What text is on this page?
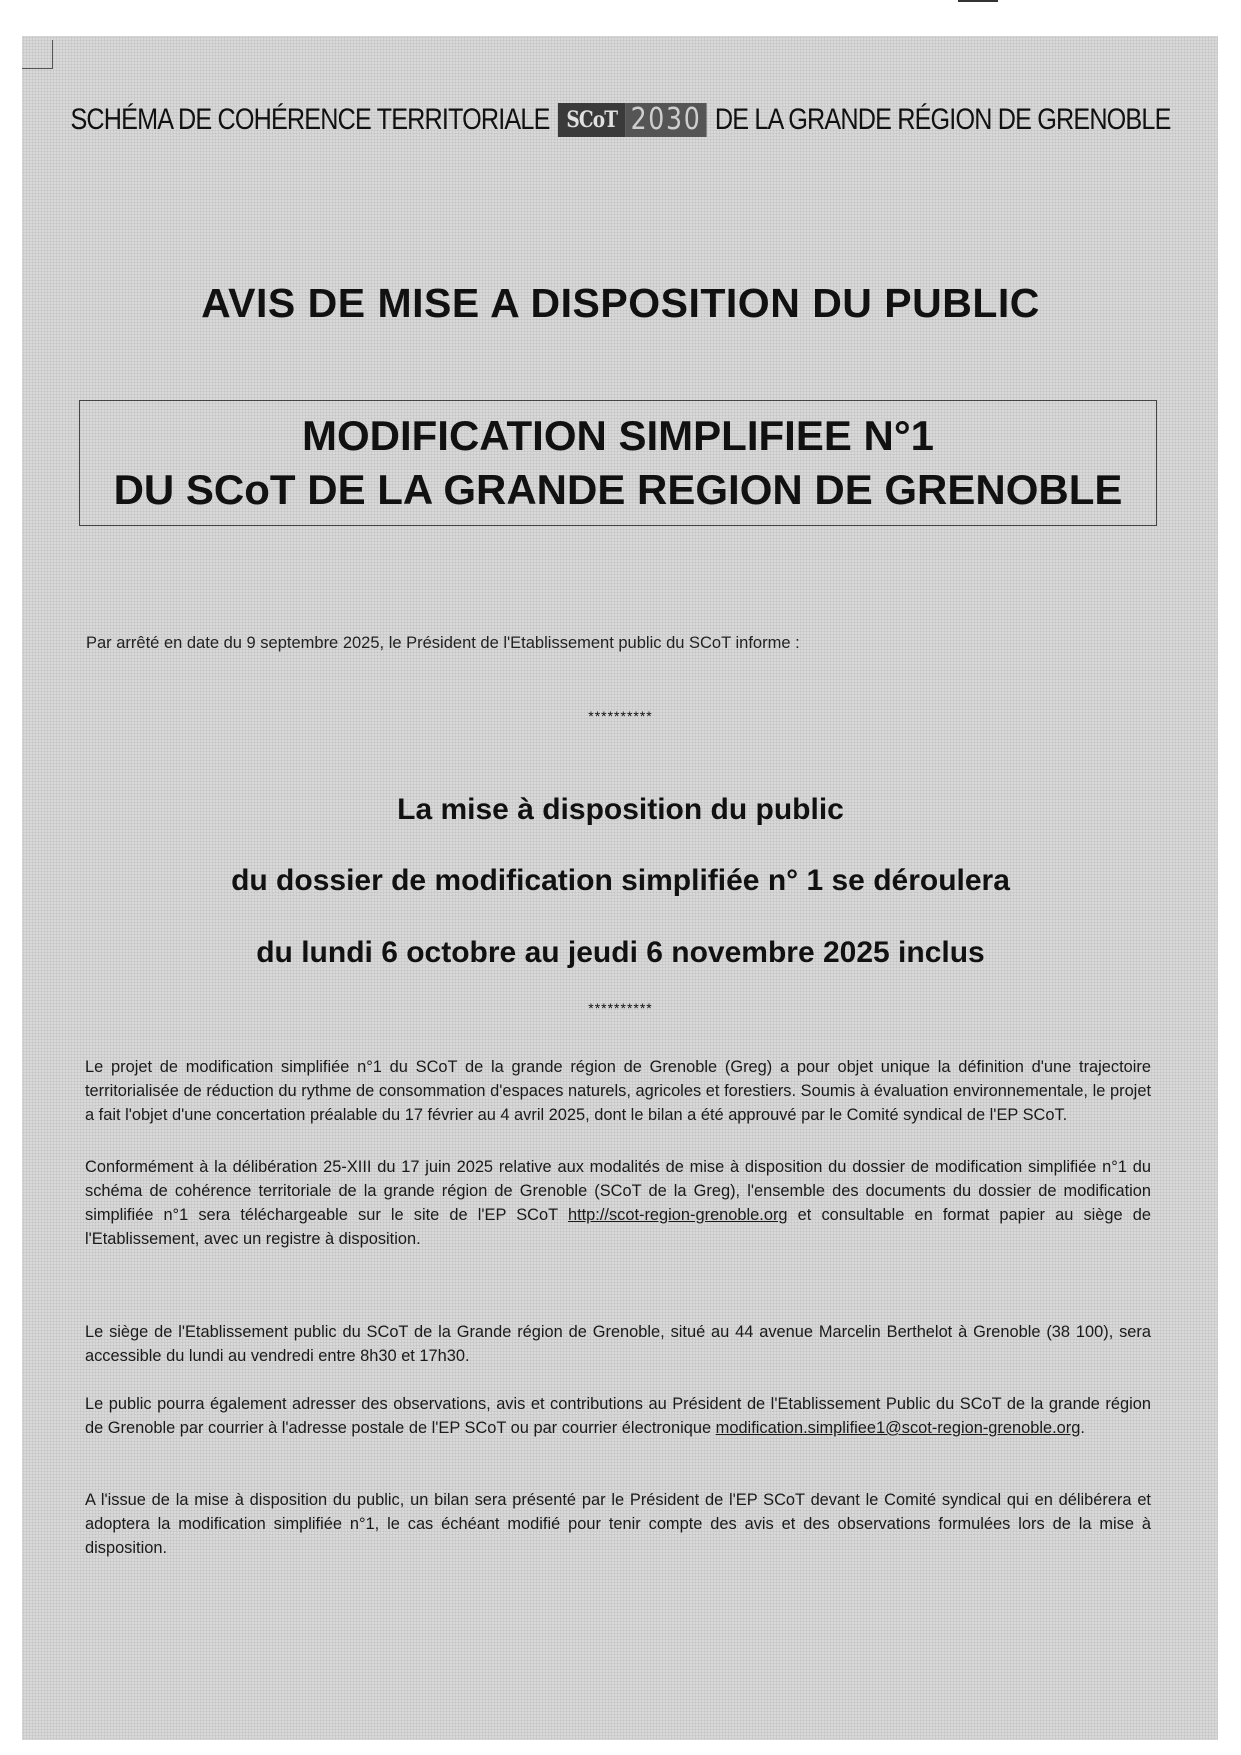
SCHÉMA DE COHÉRENCE TERRITORIALE SCoT 2030 DE LA GRANDE RÉGION DE GRENOBLE
AVIS DE MISE A DISPOSITION DU PUBLIC
MODIFICATION SIMPLIFIEE N°1
DU SCoT DE LA GRANDE REGION DE GRENOBLE
Par arrêté en date du 9 septembre 2025, le Président de l'Etablissement public du SCoT informe :
**********
La mise à disposition du public
du dossier de modification simplifiée n° 1 se déroulera
du lundi 6 octobre au jeudi 6 novembre 2025 inclus
**********
Le projet de modification simplifiée n°1 du SCoT de la grande région de Grenoble (Greg) a pour objet unique la définition d'une trajectoire territorialisée de réduction du rythme de consommation d'espaces naturels, agricoles et forestiers. Soumis à évaluation environnementale, le projet a fait l'objet d'une concertation préalable du 17 février au 4 avril 2025, dont le bilan a été approuvé par le Comité syndical de l'EP SCoT.
Conformément à la délibération 25-XIII du 17 juin 2025 relative aux modalités de mise à disposition du dossier de modification simplifiée n°1 du schéma de cohérence territoriale de la grande région de Grenoble (SCoT de la Greg), l'ensemble des documents du dossier de modification simplifiée n°1 sera téléchargeable sur le site de l'EP SCoT http://scot-region-grenoble.org et consultable en format papier au siège de l'Etablissement, avec un registre à disposition.
Le siège de l'Etablissement public du SCoT de la Grande région de Grenoble, situé au 44 avenue Marcelin Berthelot à Grenoble (38 100), sera accessible du lundi au vendredi entre 8h30 et 17h30.
Le public pourra également adresser des observations, avis et contributions au Président de l'Etablissement Public du SCoT de la grande région de Grenoble par courrier à l'adresse postale de l'EP SCoT ou par courrier électronique modification.simplifiee1@scot-region-grenoble.org.
A l'issue de la mise à disposition du public, un bilan sera présenté par le Président de l'EP SCoT devant le Comité syndical qui en délibérera et adoptera la modification simplifiée n°1, le cas échéant modifié pour tenir compte des avis et des observations formulées lors de la mise à disposition.
